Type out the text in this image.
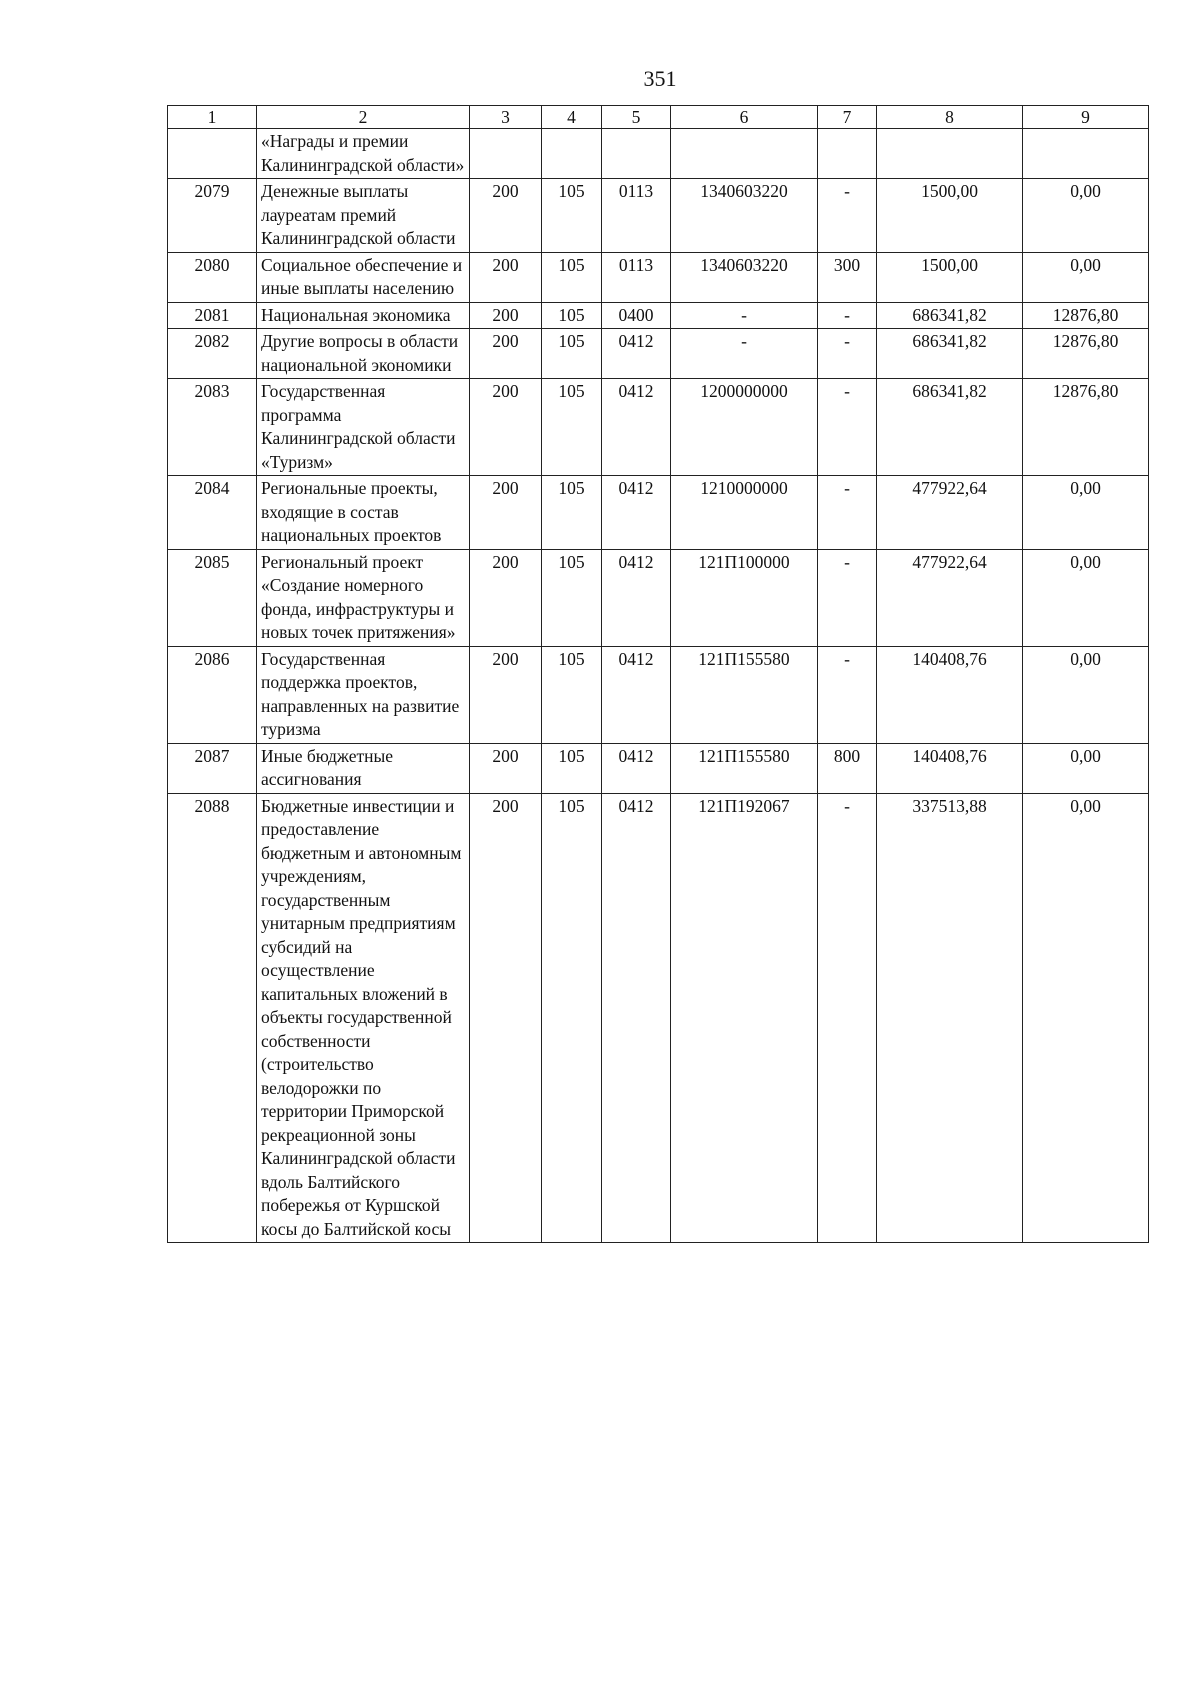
351
1	2	3	4	5	6	7	8	9
	«Награды и премии Калининградской области»							
2079	Денежные выплаты лауреатам премий Калининградской области	200	105	0113	1340603220	-	1500,00	0,00
2080	Социальное обеспечение и иные выплаты населению	200	105	0113	1340603220	300	1500,00	0,00
2081	Национальная экономика	200	105	0400	-	-	686341,82	12876,80
2082	Другие вопросы в области национальной экономики	200	105	0412	-	-	686341,82	12876,80
2083	Государственная программа Калининградской области «Туризм»	200	105	0412	1200000000	-	686341,82	12876,80
2084	Региональные проекты, входящие в состав национальных проектов	200	105	0412	1210000000	-	477922,64	0,00
2085	Региональный проект «Создание номерного фонда, инфраструктуры и новых точек притяжения»	200	105	0412	121П100000	-	477922,64	0,00
2086	Государственная поддержка проектов, направленных на развитие туризма	200	105	0412	121П155580	-	140408,76	0,00
2087	Иные бюджетные ассигнования	200	105	0412	121П155580	800	140408,76	0,00
2088	Бюджетные инвестиции и предоставление бюджетным и автономным учреждениям, государственным унитарным предприятиям субсидий на осуществление капитальных вложений в объекты государственной собственности (строительство велодорожки по территории Приморской рекреационной зоны Калининградской области вдоль Балтийского побережья от Куршской косы до Балтийской косы	200	105	0412	121П192067	-	337513,88	0,00
